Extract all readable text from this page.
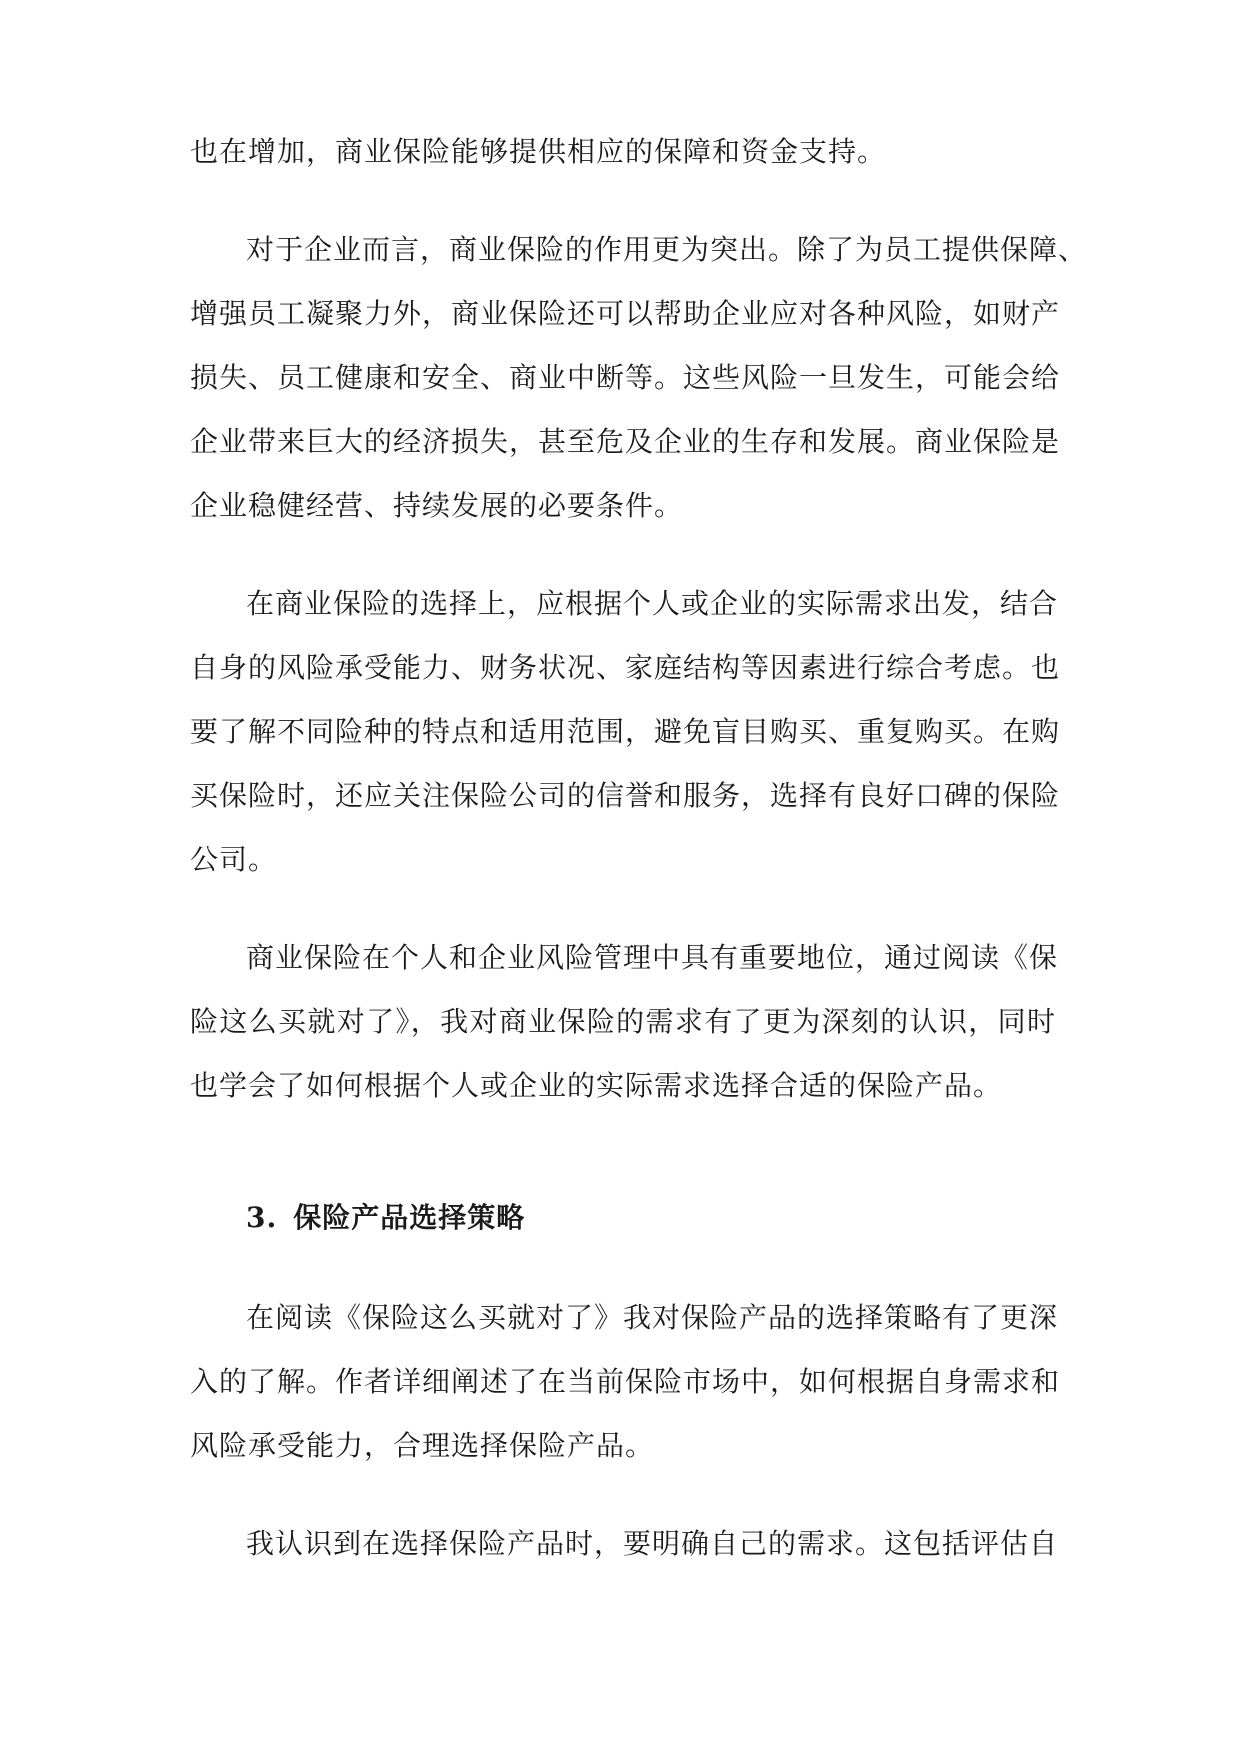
也在增加，商业保险能够提供相应的保障和资金支持。
对于企业而言，商业保险的作用更为突出。除了为员工提供保障、
增强员工凝聚力外，商业保险还可以帮助企业应对各种风险，如财产
损失、员工健康和安全、商业中断等。这些风险一旦发生，可能会给
企业带来巨大的经济损失，甚至危及企业的生存和发展。商业保险是
企业稳健经营、持续发展的必要条件。
在商业保险的选择上，应根据个人或企业的实际需求出发，结合
自身的风险承受能力、财务状况、家庭结构等因素进行综合考虑。也
要了解不同险种的特点和适用范围，避免盲目购买、重复购买。在购
买保险时，还应关注保险公司的信誉和服务，选择有良好口碑的保险
公司。
商业保险在个人和企业风险管理中具有重要地位，通过阅读《保
险这么买就对了》，我对商业保险的需求有了更为深刻的认识，同时
也学会了如何根据个人或企业的实际需求选择合适的保险产品。
3. 保险产品选择策略
在阅读《保险这么买就对了》我对保险产品的选择策略有了更深
入的了解。作者详细阐述了在当前保险市场中，如何根据自身需求和
风险承受能力，合理选择保险产品。
我认识到在选择保险产品时，要明确自己的需求。这包括评估自
